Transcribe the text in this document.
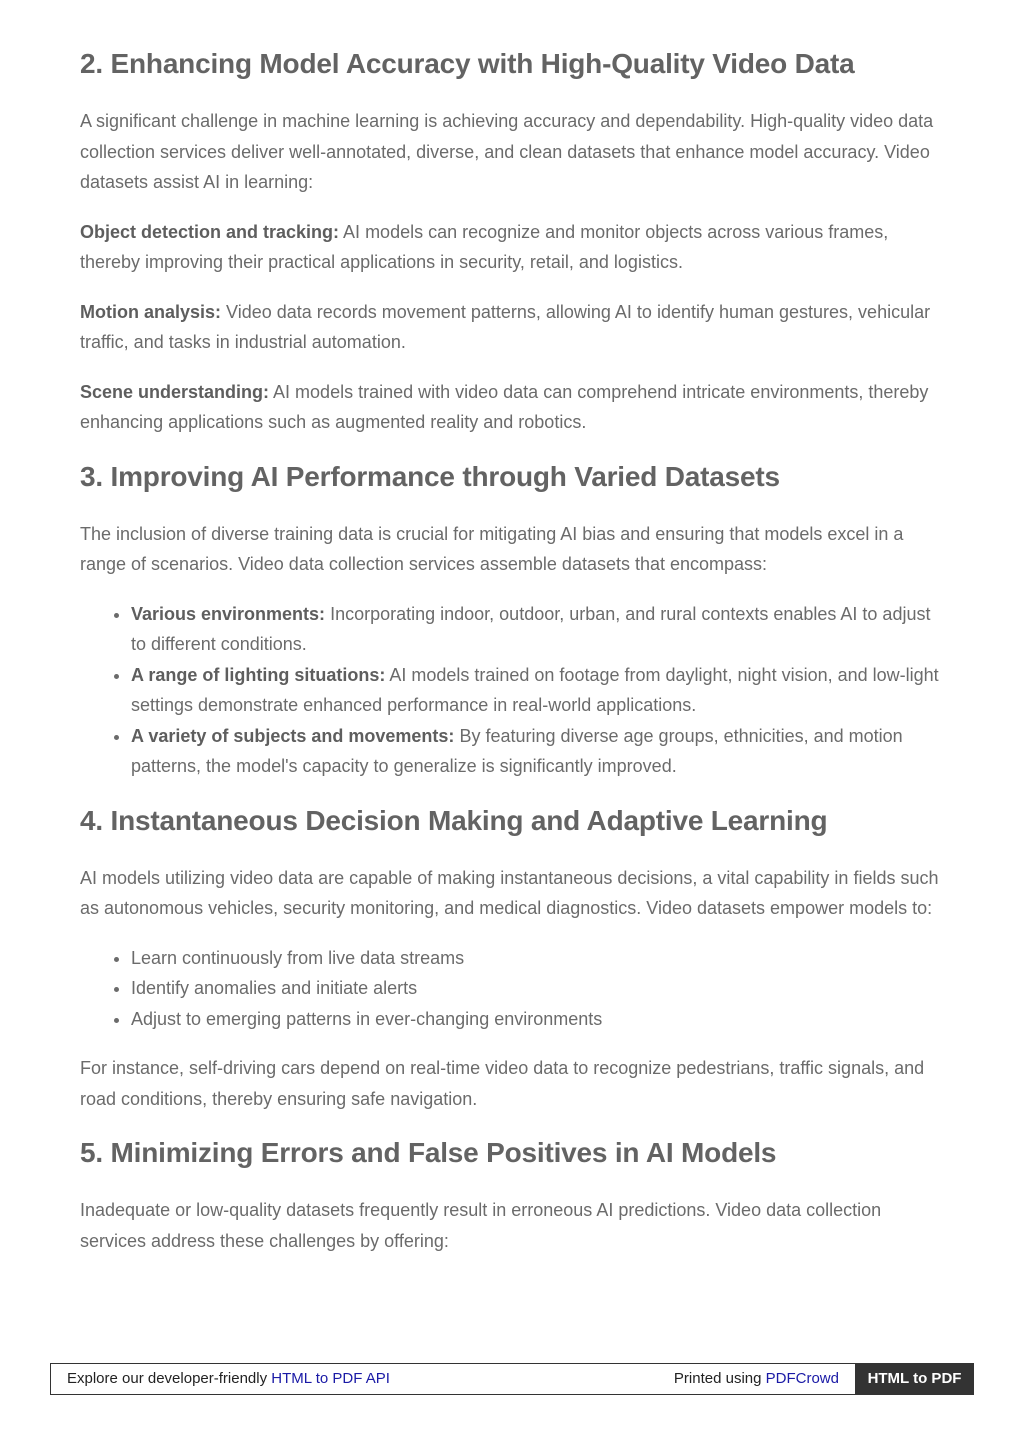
2. Enhancing Model Accuracy with High-Quality Video Data

A significant challenge in machine learning is achieving accuracy and dependability. High-quality video data collection services deliver well-annotated, diverse, and clean datasets that enhance model accuracy. Video datasets assist AI in learning:

Object detection and tracking: AI models can recognize and monitor objects across various frames, thereby improving their practical applications in security, retail, and logistics.

Motion analysis: Video data records movement patterns, allowing AI to identify human gestures, vehicular traffic, and tasks in industrial automation.

Scene understanding: AI models trained with video data can comprehend intricate environments, thereby enhancing applications such as augmented reality and robotics.

3. Improving AI Performance through Varied Datasets

The inclusion of diverse training data is crucial for mitigating AI bias and ensuring that models excel in a range of scenarios. Video data collection services assemble datasets that encompass:

• Various environments: Incorporating indoor, outdoor, urban, and rural contexts enables AI to adjust to different conditions.
• A range of lighting situations: AI models trained on footage from daylight, night vision, and low-light settings demonstrate enhanced performance in real-world applications.
• A variety of subjects and movements: By featuring diverse age groups, ethnicities, and motion patterns, the model's capacity to generalize is significantly improved.
4. Instantaneous Decision Making and Adaptive Learning

AI models utilizing video data are capable of making instantaneous decisions, a vital capability in fields such as autonomous vehicles, security monitoring, and medical diagnostics. Video datasets empower models to:

• Learn continuously from live data streams
• Identify anomalies and initiate alerts
• Adjust to emerging patterns in ever-changing environments

For instance, self-driving cars depend on real-time video data to recognize pedestrians, traffic signals, and road conditions, thereby ensuring safe navigation.

5. Minimizing Errors and False Positives in AI Models

Inadequate or low-quality datasets frequently result in erroneous AI predictions. Video data collection services address these challenges by offering:

Explore our developer-friendly HTML to PDF API	Printed using PDFCrowd	HTML to PDF
